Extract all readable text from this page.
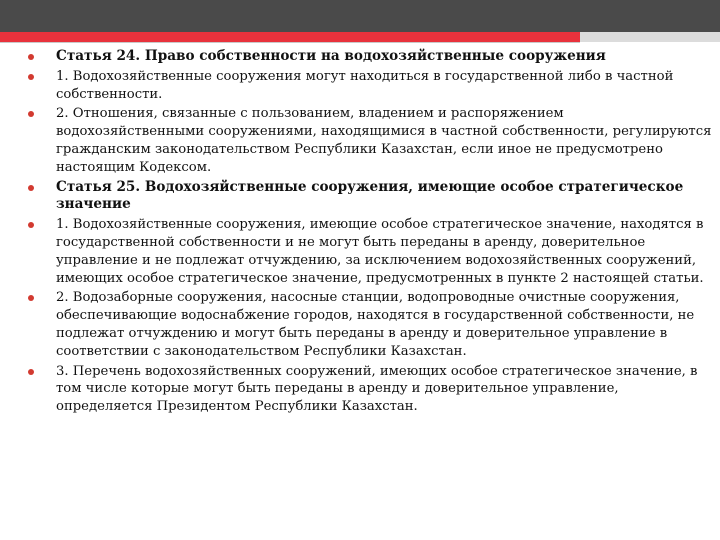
Статья 24. Право собственности на водохозяйственные сооружения
1. Водохозяйственные сооружения могут находиться в государственной либо в частной собственности.
2. Отношения, связанные с пользованием, владением и распоряжением водохозяйственными сооружениями, находящимися в частной собственности, регулируются гражданским законодательством Республики Казахстан, если иное не предусмотрено настоящим Кодексом.
Статья 25. Водохозяйственные сооружения, имеющие особое стратегическое значение
1. Водохозяйственные сооружения, имеющие особое стратегическое значение, находятся в государственной собственности и не могут быть переданы в аренду, доверительное управление и не подлежат отчуждению, за исключением водохозяйственных сооружений, имеющих особое стратегическое значение, предусмотренных в пункте 2 настоящей статьи.
2. Водозаборные сооружения, насосные станции, водопроводные очистные сооружения, обеспечивающие водоснабжение городов, находятся в государственной собственности, не подлежат отчуждению и могут быть переданы в аренду и доверительное управление в соответствии с законодательством Республики Казахстан.
3. Перечень водохозяйственных сооружений, имеющих особое стратегическое значение, в том числе которые могут быть переданы в аренду и доверительное управление, определяется Президентом Республики Казахстан.
